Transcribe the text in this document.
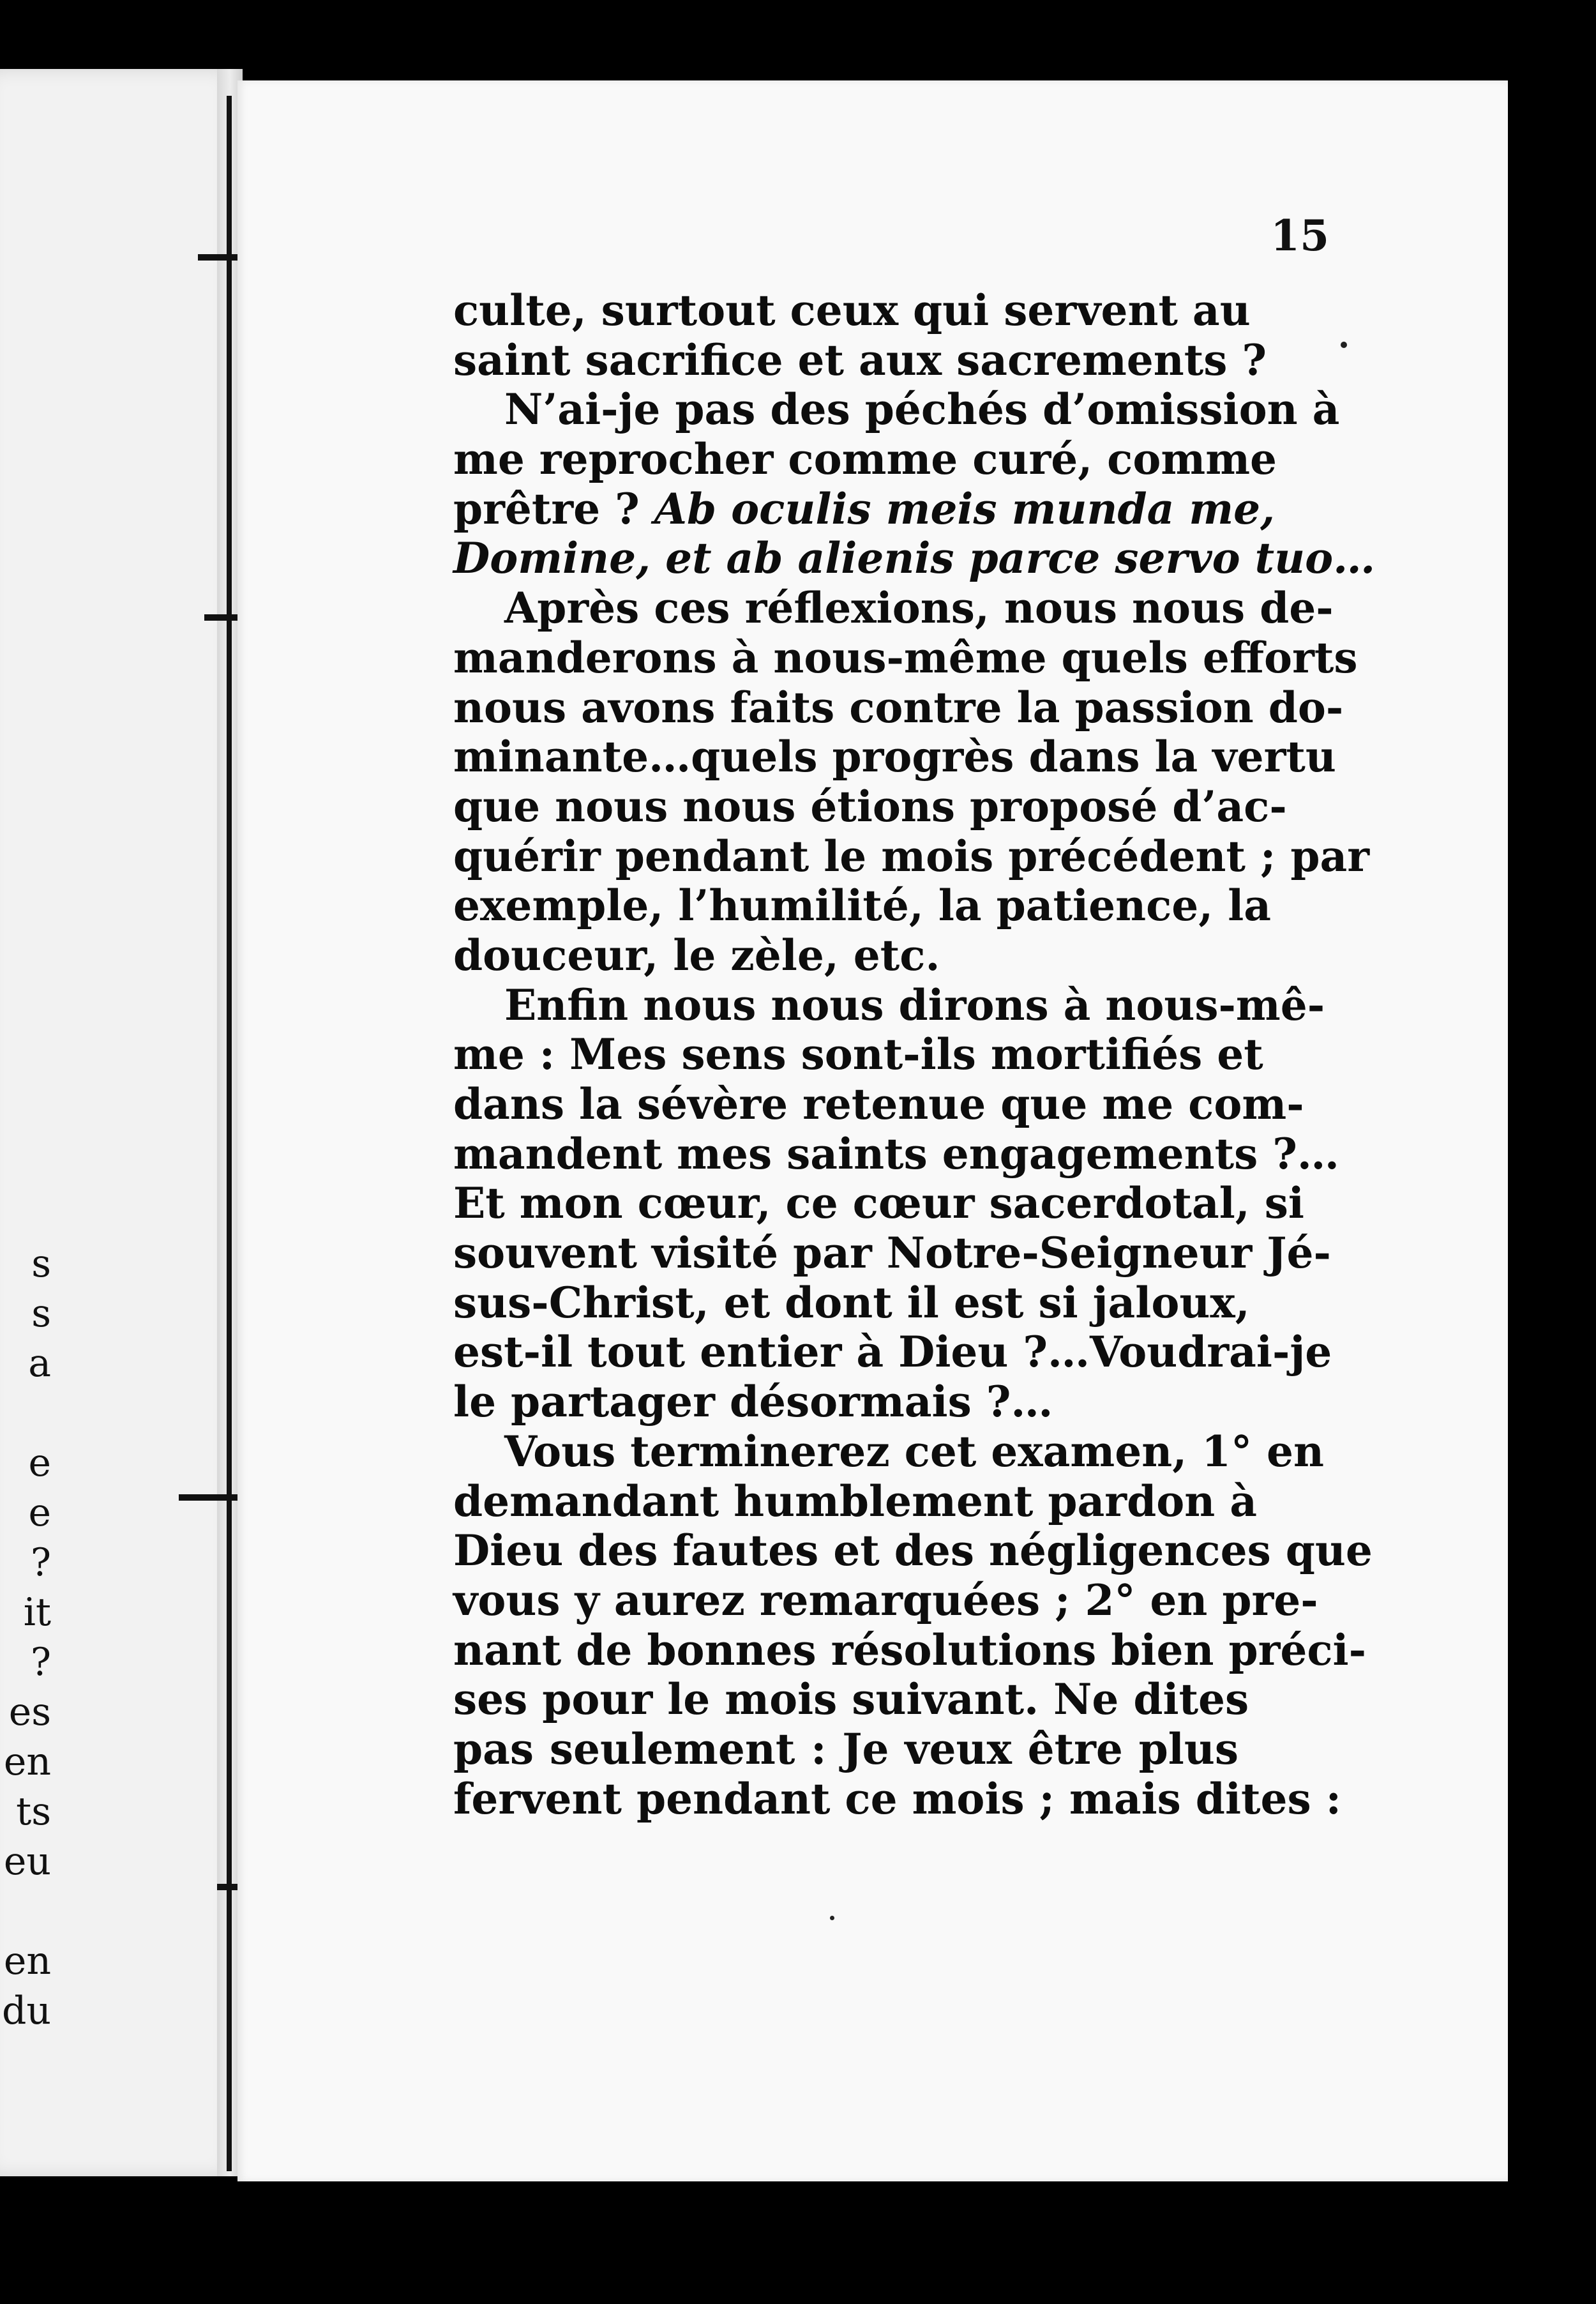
s
s
a
e
e
?
it
?
es
en
ts
eu
en
du
15
culte, surtout ceux qui servent au
saint sacrifice et aux sacrements ?
N’ai-je pas des péchés d’omission à
me reprocher comme curé, comme
prêtre ? Ab oculis meis munda me,
Domine, et ab alienis parce servo tuo…
Après ces réflexions, nous nous de-
manderons à nous-même quels efforts
nous avons faits contre la passion do-
minante…quels progrès dans la vertu
que nous nous étions proposé d’ac-
quérir pendant le mois précédent ; par
exemple, l’humilité, la patience, la
douceur, le zèle, etc.
Enfin nous nous dirons à nous-mê-
me : Mes sens sont-ils mortifiés et
dans la sévère retenue que me com-
mandent mes saints engagements ?…
Et mon cœur, ce cœur sacerdotal, si
souvent visité par Notre-Seigneur Jé-
sus-Christ, et dont il est si jaloux,
est-il tout entier à Dieu ?…Voudrai-je
le partager désormais ?…
Vous terminerez cet examen, 1° en
demandant humblement pardon à
Dieu des fautes et des négligences que
vous y aurez remarquées ; 2° en pre-
nant de bonnes résolutions bien préci-
ses pour le mois suivant. Ne dites
pas seulement : Je veux être plus
fervent pendant ce mois ; mais dites :
